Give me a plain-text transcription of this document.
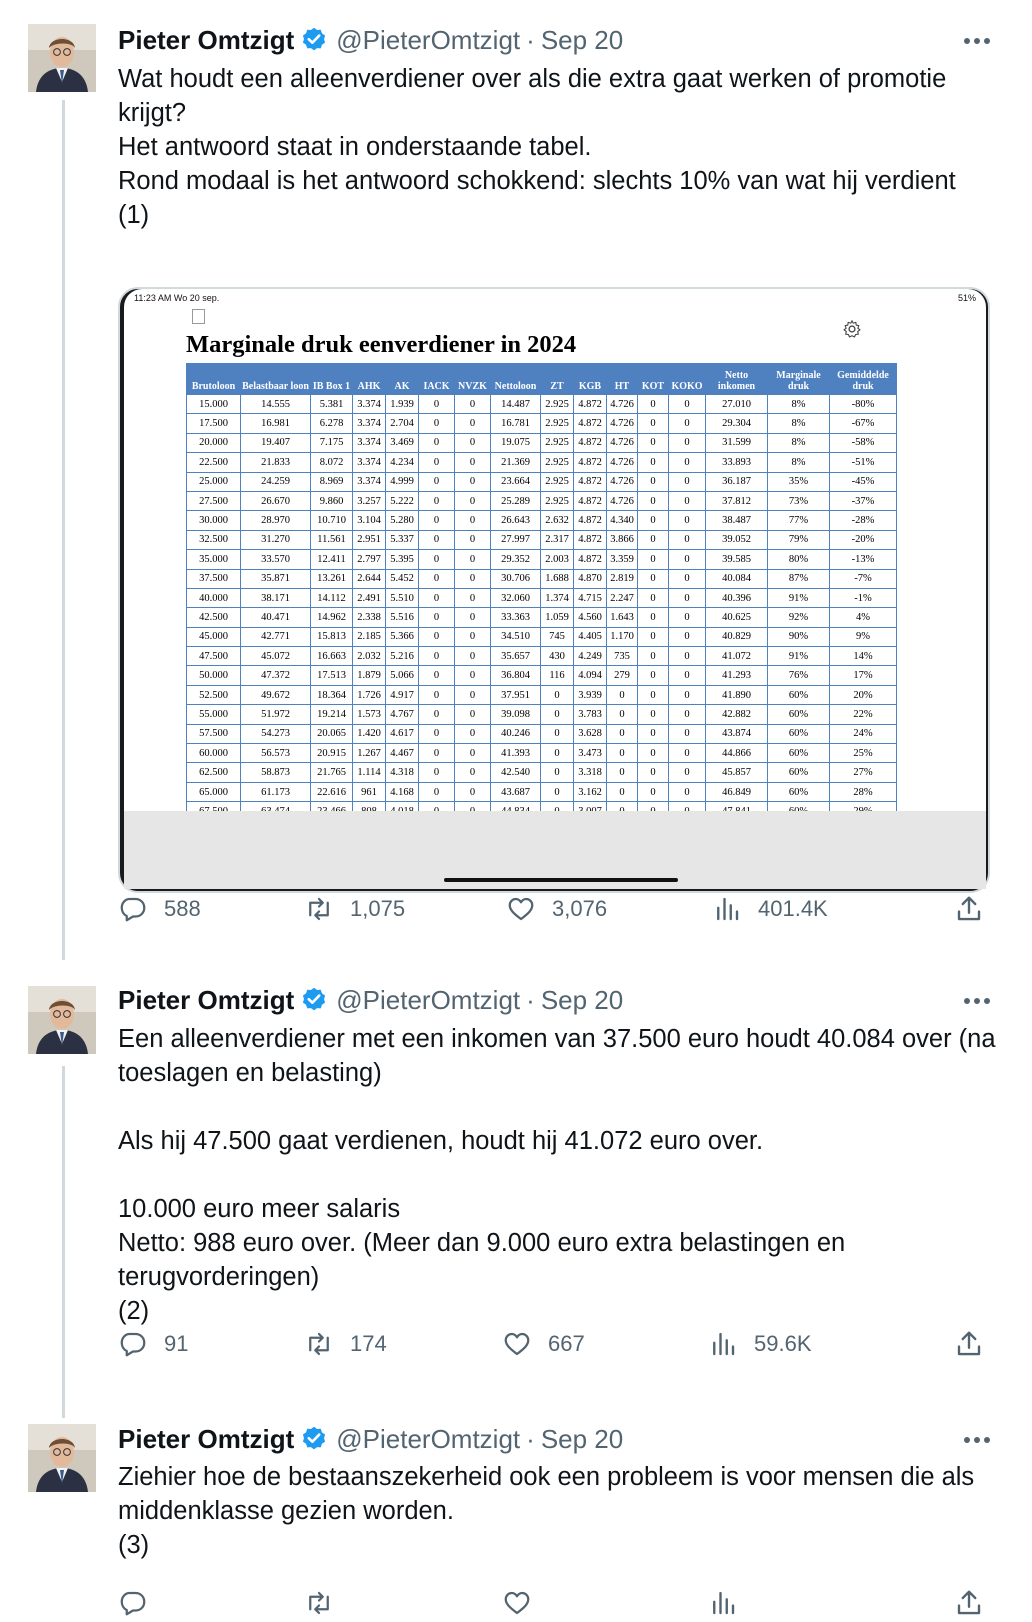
Pieter Omtzigt @PieterOmtzigt · Sep 20

Wat houdt een alleenverdiener over als die extra gaat werken of promotie krijgt?

Het antwoord staat in onderstaande tabel.

Rond modaal is het antwoord schokkend: slechts 10% van wat hij verdient

(1)

11:23 AM Wo 20 sep.	51%
Marginale druk eenverdiener in 2024
Brutoloon	Belastbaar loon	IB Box 1	AHK	AK	IACK	NVZK	Nettoloon	ZT	KGB	HT	KOT	KOKO	Netto inkomen	Marginale druk	Gemiddelde druk
15.000	14.555	5.381	3.374	1.939	0	0	14.487	2.925	4.872	4.726	0	0	27.010	8%	-80%
17.500	16.981	6.278	3.374	2.704	0	0	16.781	2.925	4.872	4.726	0	0	29.304	8%	-67%
20.000	19.407	7.175	3.374	3.469	0	0	19.075	2.925	4.872	4.726	0	0	31.599	8%	-58%
22.500	21.833	8.072	3.374	4.234	0	0	21.369	2.925	4.872	4.726	0	0	33.893	8%	-51%
25.000	24.259	8.969	3.374	4.999	0	0	23.664	2.925	4.872	4.726	0	0	36.187	35%	-45%
27.500	26.670	9.860	3.257	5.222	0	0	25.289	2.925	4.872	4.726	0	0	37.812	73%	-37%
30.000	28.970	10.710	3.104	5.280	0	0	26.643	2.632	4.872	4.340	0	0	38.487	77%	-28%
32.500	31.270	11.561	2.951	5.337	0	0	27.997	2.317	4.872	3.866	0	0	39.052	79%	-20%
35.000	33.570	12.411	2.797	5.395	0	0	29.352	2.003	4.872	3.359	0	0	39.585	80%	-13%
37.500	35.871	13.261	2.644	5.452	0	0	30.706	1.688	4.870	2.819	0	0	40.084	87%	-7%
40.000	38.171	14.112	2.491	5.510	0	0	32.060	1.374	4.715	2.247	0	0	40.396	91%	-1%
42.500	40.471	14.962	2.338	5.516	0	0	33.363	1.059	4.560	1.643	0	0	40.625	92%	4%
45.000	42.771	15.813	2.185	5.366	0	0	34.510	745	4.405	1.170	0	0	40.829	90%	9%
47.500	45.072	16.663	2.032	5.216	0	0	35.657	430	4.249	735	0	0	41.072	91%	14%
50.000	47.372	17.513	1.879	5.066	0	0	36.804	116	4.094	279	0	0	41.293	76%	17%
52.500	49.672	18.364	1.726	4.917	0	0	37.951	0	3.939	0	0	0	41.890	60%	20%
55.000	51.972	19.214	1.573	4.767	0	0	39.098	0	3.783	0	0	0	42.882	60%	22%
57.500	54.273	20.065	1.420	4.617	0	0	40.246	0	3.628	0	0	0	43.874	60%	24%
60.000	56.573	20.915	1.267	4.467	0	0	41.393	0	3.473	0	0	0	44.866	60%	25%
62.500	58.873	21.765	1.114	4.318	0	0	42.540	0	3.318	0	0	0	45.857	60%	27%
65.000	61.173	22.616	961	4.168	0	0	43.687	0	3.162	0	0	0	46.849	60%	28%

588	1,075	3,076	401.4K
Pieter Omtzigt @PieterOmtzigt · Sep 20

Een alleenverdiener met een inkomen van 37.500 euro houdt 40.084 over (na toeslagen en belasting)

Als hij 47.500 gaat verdienen, houdt hij 41.072 euro over.

10.000 euro meer salaris

Netto: 988 euro over. (Meer dan 9.000 euro extra belastingen en terugvorderingen)

(2)

91	174	667	59.6K
Pieter Omtzigt @PieterOmtzigt · Sep 20

Ziehier hoe de bestaanszekerheid ook een probleem is voor mensen die als middenklasse gezien worden.

(3)
